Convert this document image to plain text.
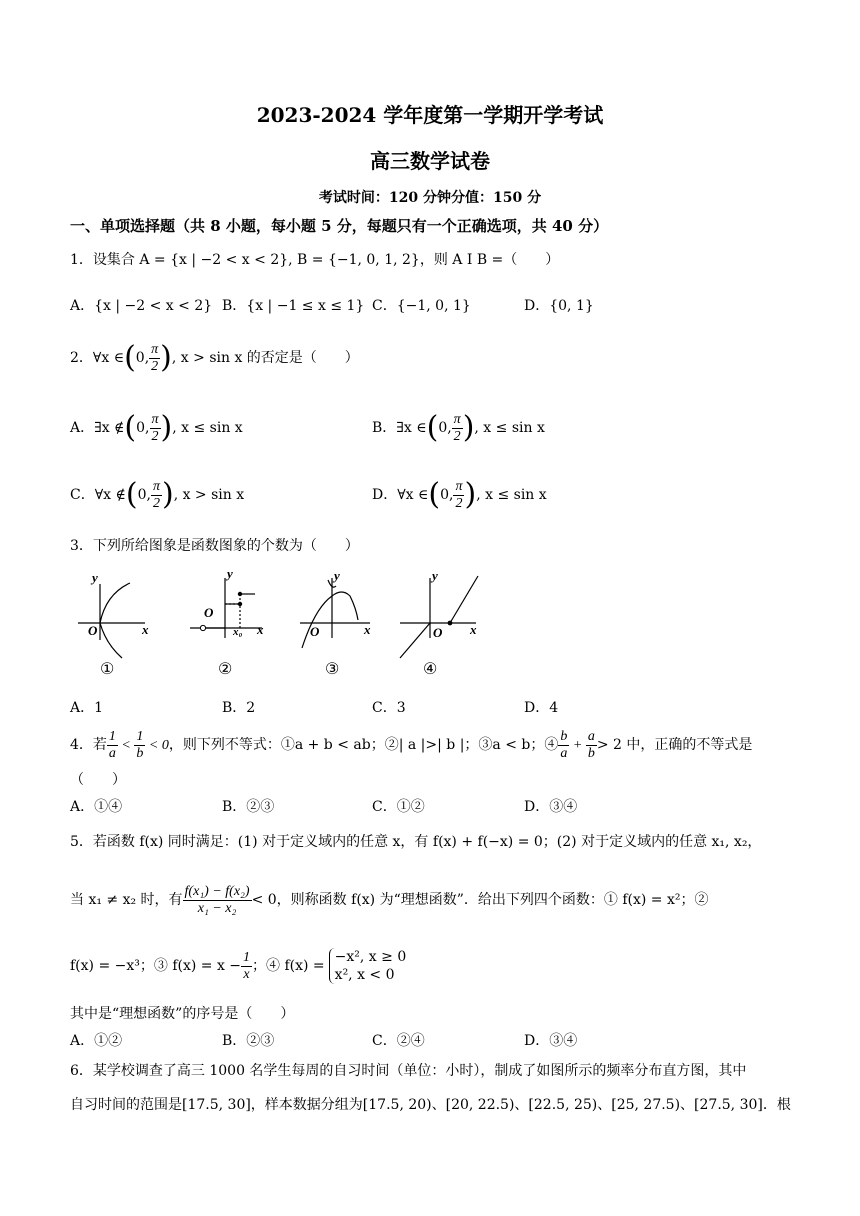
2023-2024 学年度第一学期开学考试
高三数学试卷
考试时间：120 分钟分值：150 分
一、单项选择题（共 8 小题，每小题 5 分，每题只有一个正确选项，共 40 分）
1．设集合 A = {x | −2 < x < 2}, B = {−1, 0, 1, 2}，则 A I B =（　　）
A．{x | −2 < x < 2} B．{x | −1 ≤ x ≤ 1} C．{−1, 0, 1}	D．{0, 1}
2．∀x ∈(0, $\frac{\pi}{2}$ ), x > sin x 的否定是（　　）
A．∃x ∉(0, $\frac{\pi}{2}$ ), x ≤ sin x	B．∃x ∈(0, $\frac{\pi}{2}$ ), x ≤ sin x
C．∀x ∉(0, $\frac{\pi}{2}$ ), x > sin x	D．∀x ∈(0, $\frac{\pi}{2}$ ), x ≤ sin x
3．下列所给图象是函数图象的个数为（　　）
y
x
O
y
x
O
x₀
y
x
O
y
x
O
①	②	③	④
A．1	B．2	C．3	D．4
4．若 $\frac{1}{a} < \frac{1}{b} < 0$，则下列不等式：①a + b < ab；②| a |>| b |；③a < b；④ $\frac{b}{a} + \frac{a}{b} > 2$ 中，正确的不等式是
（　　）
A．①④	B．②③	C．①②	D．③④
5．若函数 f(x) 同时满足：(1) 对于定义域内的任意 x，有 f(x) + f(−x) = 0；(2) 对于定义域内的任意 x₁, x₂，
当 x₁ ≠ x₂ 时，有 $\frac{\text{f(x₁) − f(x₂)}}{\text{x₁ − x₂}} < 0$，则称函数 f(x) 为“理想函数”．给出下列四个函数：① f(x) = x²；②
f(x) = −x³；③ $f(x) = x - \frac{1}{x}$ ；④ f(x) =
−x², x ≥ 0
x², x < 0
其中是“理想函数”的序号是（　　）
A．①②	B．②③	C．②④	D．③④
6．某学校调查了高三 1000 名学生每周的自习时间（单位：小时），制成了如图所示的频率分布直方图，其中
自习时间的范围是[17.5, 30]，样本数据分组为[17.5, 20)、[20, 22.5)、[22.5, 25)、[25, 27.5)、[27.5, 30]．根
